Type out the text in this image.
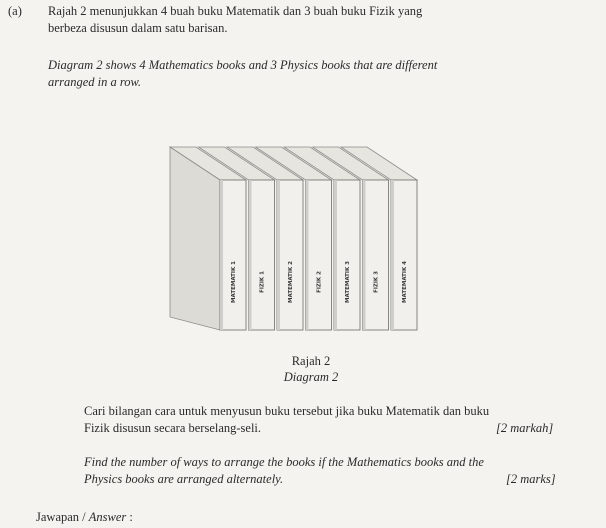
(a) Rajah 2 menunjukkan 4 buah buku Matematik dan 3 buah buku Fizik yang
berbeza disusun dalam satu barisan.
Diagram 2 shows 4 Mathematics books and 3 Physics books that are different
arranged in a row.
MATEMATIK 4
FIZIK 3
MATEMATIK 3
FIZIK 2
MATEMATIK 2
FIZIK 1
MATEMATIK 1
Rajah 2
Diagram 2
Cari bilangan cara untuk menyusun buku tersebut jika buku Matematik dan buku
Fizik disusun secara berselang-seli.	[2 markah]
Find the number of ways to arrange the books if the Mathematics books and the
Physics books are arranged alternately.	[2 marks]
Jawapan / Answer :
